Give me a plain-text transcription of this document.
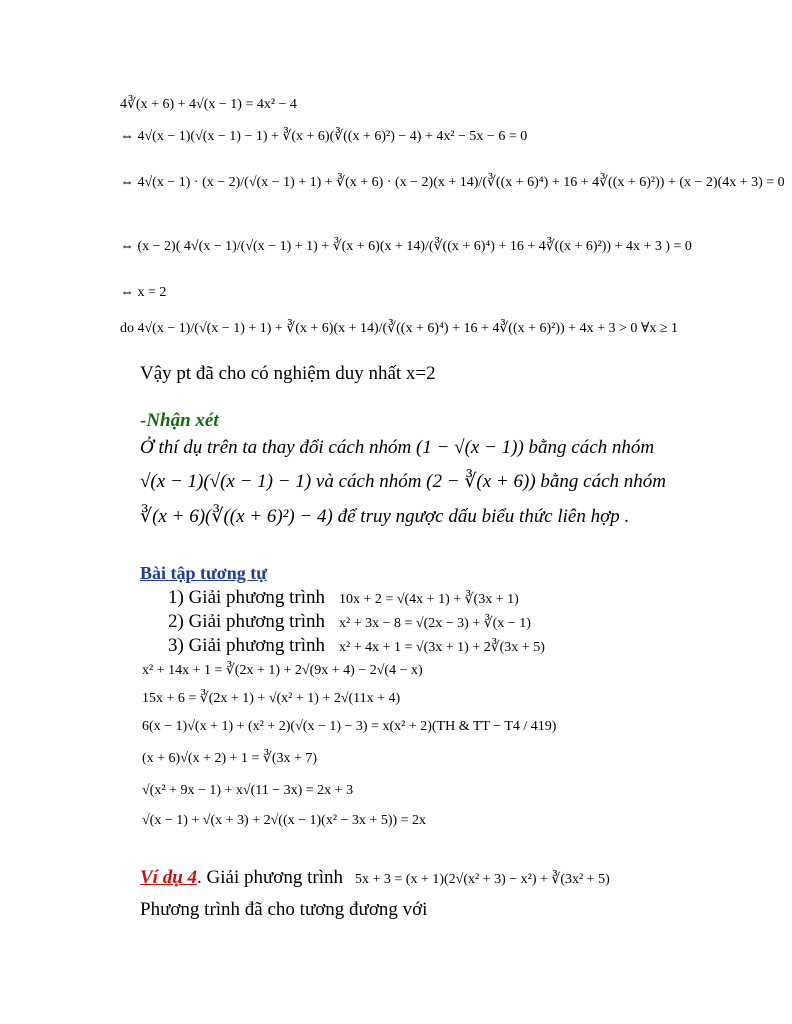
4∛(x + 6) + 4√(x − 1) = 4x² − 4
⇔ 4√(x − 1)(√(x − 1) − 1) + ∛(x + 6)(∛((x + 6)²) − 4) + 4x² − 5x − 6 = 0
⇔ 4√(x − 1) · (x − 2)/(√(x − 1) + 1) + ∛(x + 6) · (x − 2)(x + 14)/(∛((x + 6)⁴) + 16 + 4∛((x + 6)²)) + (x − 2)(4x + 3) = 0
⇔ (x − 2)( 4√(x − 1)/(√(x − 1) + 1) + ∛(x + 6)(x + 14)/(∛((x + 6)⁴) + 16 + 4∛((x + 6)²)) + 4x + 3 ) = 0
⇔ x = 2
do 4√(x − 1)/(√(x − 1) + 1) + ∛(x + 6)(x + 14)/(∛((x + 6)⁴) + 16 + 4∛((x + 6)²)) + 4x + 3 > 0 ∀x ≥ 1
Vậy pt đã cho có nghiệm duy nhất x=2
-Nhận xét
Ở thí dụ trên ta thay đổi cách nhóm (1 − √(x − 1)) bằng cách nhóm
√(x − 1)(√(x − 1) − 1) và cách nhóm (2 − ∛(x + 6)) bằng cách nhóm
∛(x + 6)(∛((x + 6)²) − 4) để truy ngược dấu biểu thức liên hợp .
Bài tập tương tự
1) Giải phương trình 10x + 2 = √(4x + 1) + ∛(3x + 1)
2) Giải phương trình x² + 3x − 8 = √(2x − 3) + ∛(x − 1)
3) Giải phương trình x² + 4x + 1 = √(3x + 1) + 2∛(3x + 5)
x² + 14x + 1 = ∛(2x + 1) + 2√(9x + 4) − 2√(4 − x)
15x + 6 = ∛(2x + 1) + √(x² + 1) + 2√(11x + 4)
6(x − 1)√(x + 1) + (x² + 2)(√(x − 1) − 3) = x(x² + 2)(TH & TT − T4 / 419)
(x + 6)√(x + 2) + 1 = ∛(3x + 7)
√(x² + 9x − 1) + x√(11 − 3x) = 2x + 3
√(x − 1) + √(x + 3) + 2√((x − 1)(x² − 3x + 5)) = 2x
Ví dụ 4. Giải phương trình 5x + 3 = (x + 1)(2√(x² + 3) − x²) + ∛(3x² + 5)
Phương trình đã cho tương đương với
